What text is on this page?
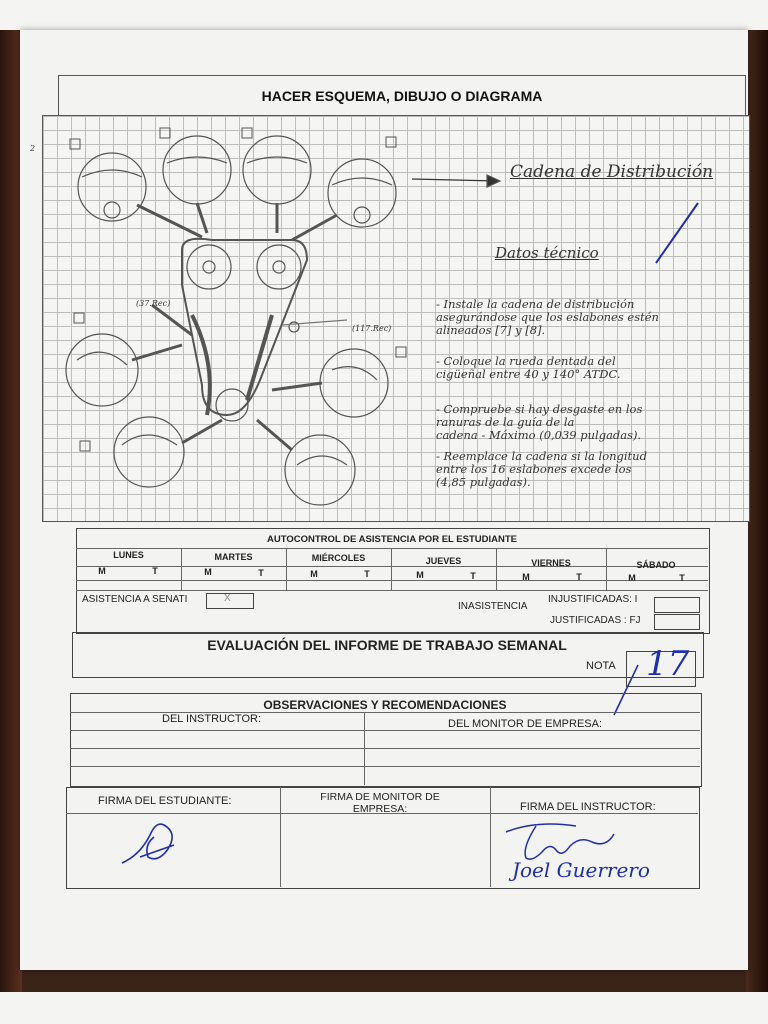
HACER ESQUEMA, DIBUJO O DIAGRAMA
2
Cadena de Distribución
Datos técnico
(37.Rec)
(117.Rec)
- Instale la cadena de distribución
asegurándose que los eslabones estén
alineados [7] y [8].
- Coloque la rueda dentada del
cigüeñal entre 40 y 140° ATDC.
- Compruebe si hay desgaste en los
ranuras de la guía de la
cadena - Máximo (0,039 pulgadas).
- Reemplace la cadena si la longitud
entre los 16 eslabones excede los
(4,85 pulgadas).
AUTOCONTROL DE ASISTENCIA POR EL ESTUDIANTE
LUNES	MARTES	MIÉRCOLES	JUEVES	VIERNES	SÁBADO
M	T	M	T	M	T	M	T	M	T	M	T
ASISTENCIA A SENATI	X
INASISTENCIA
INJUSTIFICADAS: I
JUSTIFICADAS : FJ
EVALUACIÓN DEL INFORME DE TRABAJO SEMANAL
NOTA 17
OBSERVACIONES Y RECOMENDACIONES
DEL INSTRUCTOR:	DEL MONITOR DE EMPRESA:
FIRMA DEL ESTUDIANTE:	FIRMA DE MONITOR DE EMPRESA:	FIRMA DEL INSTRUCTOR:
Joel Guerrero
